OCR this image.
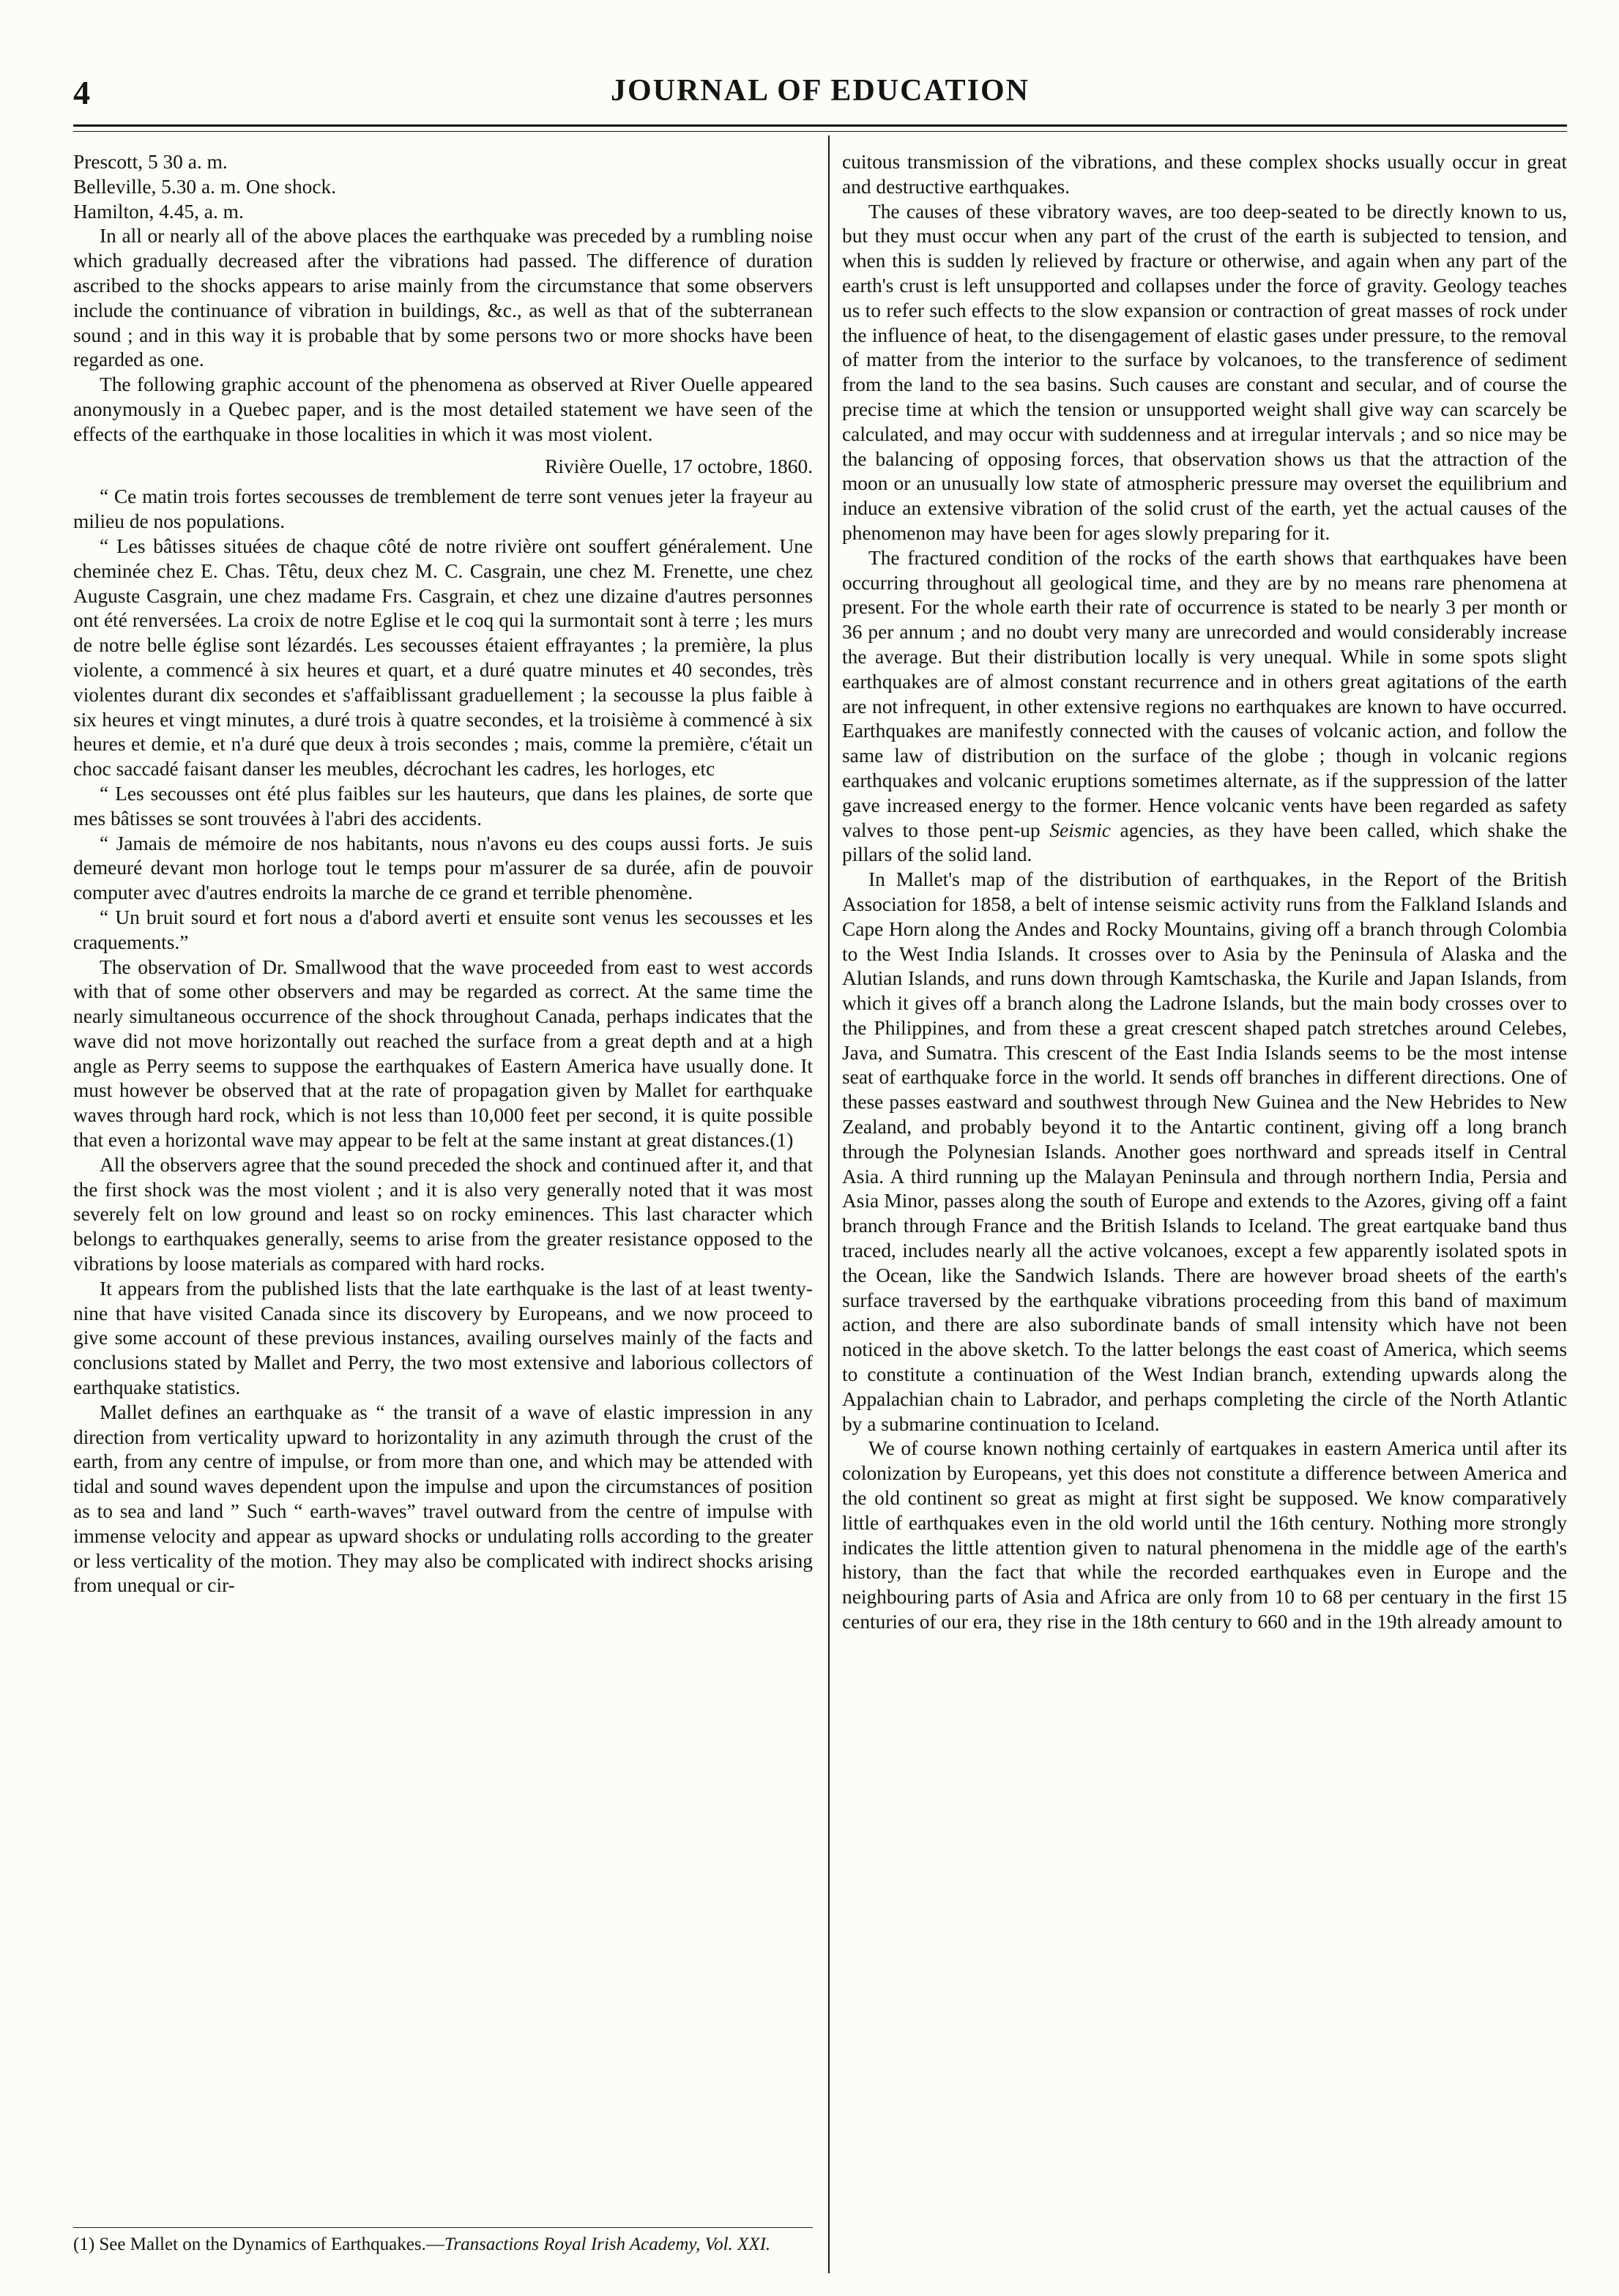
4	JOURNAL OF EDUCATION

Prescott, 5 30 a. m.

Belleville, 5.30 a. m. One shock.

Hamilton, 4.45, a. m.

In all or nearly all of the above places the earthquake was preceded by a rumbling noise which gradually decreased after the vibrations had passed. The difference of duration ascribed to the shocks appears to arise mainly from the circumstance that some observers include the continuance of vibration in buildings, &c., as well as that of the subterranean sound ; and in this way it is probable that by some persons two or more shocks have been regarded as one.

The following graphic account of the phenomena as observed at River Ouelle appeared anonymously in a Quebec paper, and is the most detailed statement we have seen of the effects of the earthquake in those localities in which it was most violent.

Rivière Ouelle, 17 octobre, 1860.

“ Ce matin trois fortes secousses de tremblement de terre sont venues jeter la frayeur au milieu de nos populations.

“ Les bâtisses situées de chaque côté de notre rivière ont souffert généralement. Une cheminée chez E. Chas. Têtu, deux chez M. C. Casgrain, une chez M. Frenette, une chez Auguste Casgrain, une chez madame Frs. Casgrain, et chez une dizaine d'autres personnes ont été renversées. La croix de notre Eglise et le coq qui la surmontait sont à terre ; les murs de notre belle église sont lézardés. Les secousses étaient effrayantes ; la première, la plus violente, a commencé à six heures et quart, et a duré quatre minutes et 40 secondes, très violentes durant dix secondes et s'affaiblissant graduellement ; la secousse la plus faible à six heures et vingt minutes, a duré trois à quatre secondes, et la troisième à commencé à six heures et demie, et n'a duré que deux à trois secondes ; mais, comme la première, c'était un choc saccadé faisant danser les meubles, décrochant les cadres, les horloges, etc

“ Les secousses ont été plus faibles sur les hauteurs, que dans les plaines, de sorte que mes bâtisses se sont trouvées à l'abri des accidents.

“ Jamais de mémoire de nos habitants, nous n'avons eu des coups aussi forts. Je suis demeuré devant mon horloge tout le temps pour m'assurer de sa durée, afin de pouvoir computer avec d'autres endroits la marche de ce grand et terrible phenomène.

“ Un bruit sourd et fort nous a d'abord averti et ensuite sont venus les secousses et les craquements.”

The observation of Dr. Smallwood that the wave proceeded from east to west accords with that of some other observers and may be regarded as correct. At the same time the nearly simultaneous occurrence of the shock throughout Canada, perhaps indicates that the wave did not move horizontally out reached the surface from a great depth and at a high angle as Perry seems to suppose the earthquakes of Eastern America have usually done. It must however be observed that at the rate of propagation given by Mallet for earthquake waves through hard rock, which is not less than 10,000 feet per second, it is quite possible that even a horizontal wave may appear to be felt at the same instant at great distances.(1)

All the observers agree that the sound preceded the shock and continued after it, and that the first shock was the most violent ; and it is also very generally noted that it was most severely felt on low ground and least so on rocky eminences. This last character which belongs to earthquakes generally, seems to arise from the greater resistance opposed to the vibrations by loose materials as compared with hard rocks.

It appears from the published lists that the late earthquake is the last of at least twenty-nine that have visited Canada since its discovery by Europeans, and we now proceed to give some account of these previous instances, availing ourselves mainly of the facts and conclusions stated by Mallet and Perry, the two most extensive and laborious collectors of earthquake statistics.

Mallet defines an earthquake as “ the transit of a wave of elastic impression in any direction from verticality upward to horizontality in any azimuth through the crust of the earth, from any centre of impulse, or from more than one, and which may be attended with tidal and sound waves dependent upon the impulse and upon the circumstances of position as to sea and land ” Such “ earth-waves” travel outward from the centre of impulse with immense velocity and appear as upward shocks or undulating rolls according to the greater or less verticality of the motion. They may also be complicated with indirect shocks arising from unequal or cir-

(1) See Mallet on the Dynamics of Earthquakes.—Transactions Royal Irish Academy, Vol. XXI.

cuitous transmission of the vibrations, and these complex shocks usually occur in great and destructive earthquakes.

The causes of these vibratory waves, are too deep-seated to be directly known to us, but they must occur when any part of the crust of the earth is subjected to tension, and when this is sudden ly relieved by fracture or otherwise, and again when any part of the earth's crust is left unsupported and collapses under the force of gravity. Geology teaches us to refer such effects to the slow expansion or contraction of great masses of rock under the influence of heat, to the disengagement of elastic gases under pressure, to the removal of matter from the interior to the surface by volcanoes, to the transference of sediment from the land to the sea basins. Such causes are constant and secular, and of course the precise time at which the tension or unsupported weight shall give way can scarcely be calculated, and may occur with suddenness and at irregular intervals ; and so nice may be the balancing of opposing forces, that observation shows us that the attraction of the moon or an unusually low state of atmospheric pressure may overset the equilibrium and induce an extensive vibration of the solid crust of the earth, yet the actual causes of the phenomenon may have been for ages slowly preparing for it.

The fractured condition of the rocks of the earth shows that earthquakes have been occurring throughout all geological time, and they are by no means rare phenomena at present. For the whole earth their rate of occurrence is stated to be nearly 3 per month or 36 per annum ; and no doubt very many are unrecorded and would considerably increase the average. But their distribution locally is very unequal. While in some spots slight earthquakes are of almost constant recurrence and in others great agitations of the earth are not infrequent, in other extensive regions no earthquakes are known to have occurred. Earthquakes are manifestly connected with the causes of volcanic action, and follow the same law of distribution on the surface of the globe ; though in volcanic regions earthquakes and volcanic eruptions sometimes alternate, as if the suppression of the latter gave increased energy to the former. Hence volcanic vents have been regarded as safety valves to those pent-up Seismic agencies, as they have been called, which shake the pillars of the solid land.

In Mallet's map of the distribution of earthquakes, in the Report of the British Association for 1858, a belt of intense seismic activity runs from the Falkland Islands and Cape Horn along the Andes and Rocky Mountains, giving off a branch through Colombia to the West India Islands. It crosses over to Asia by the Peninsula of Alaska and the Alutian Islands, and runs down through Kamtschaska, the Kurile and Japan Islands, from which it gives off a branch along the Ladrone Islands, but the main body crosses over to the Philippines, and from these a great crescent shaped patch stretches around Celebes, Java, and Sumatra. This crescent of the East India Islands seems to be the most intense seat of earthquake force in the world. It sends off branches in different directions. One of these passes eastward and southwest through New Guinea and the New Hebrides to New Zealand, and probably beyond it to the Antartic continent, giving off a long branch through the Polynesian Islands. Another goes northward and spreads itself in Central Asia. A third running up the Malayan Peninsula and through northern India, Persia and Asia Minor, passes along the south of Europe and extends to the Azores, giving off a faint branch through France and the British Islands to Iceland. The great eartquake band thus traced, includes nearly all the active volcanoes, except a few apparently isolated spots in the Ocean, like the Sandwich Islands. There are however broad sheets of the earth's surface traversed by the earthquake vibrations proceeding from this band of maximum action, and there are also subordinate bands of small intensity which have not been noticed in the above sketch. To the latter belongs the east coast of America, which seems to constitute a continuation of the West Indian branch, extending upwards along the Appalachian chain to Labrador, and perhaps completing the circle of the North Atlantic by a submarine continuation to Iceland.

We of course known nothing certainly of eartquakes in eastern America until after its colonization by Europeans, yet this does not constitute a difference between America and the old continent so great as might at first sight be supposed. We know comparatively little of earthquakes even in the old world until the 16th century. Nothing more strongly indicates the little attention given to natural phenomena in the middle age of the earth's history, than the fact that while the recorded earthquakes even in Europe and the neighbouring parts of Asia and Africa are only from 10 to 68 per centuary in the first 15 centuries of our era, they rise in the 18th century to 660 and in the 19th already amount to
